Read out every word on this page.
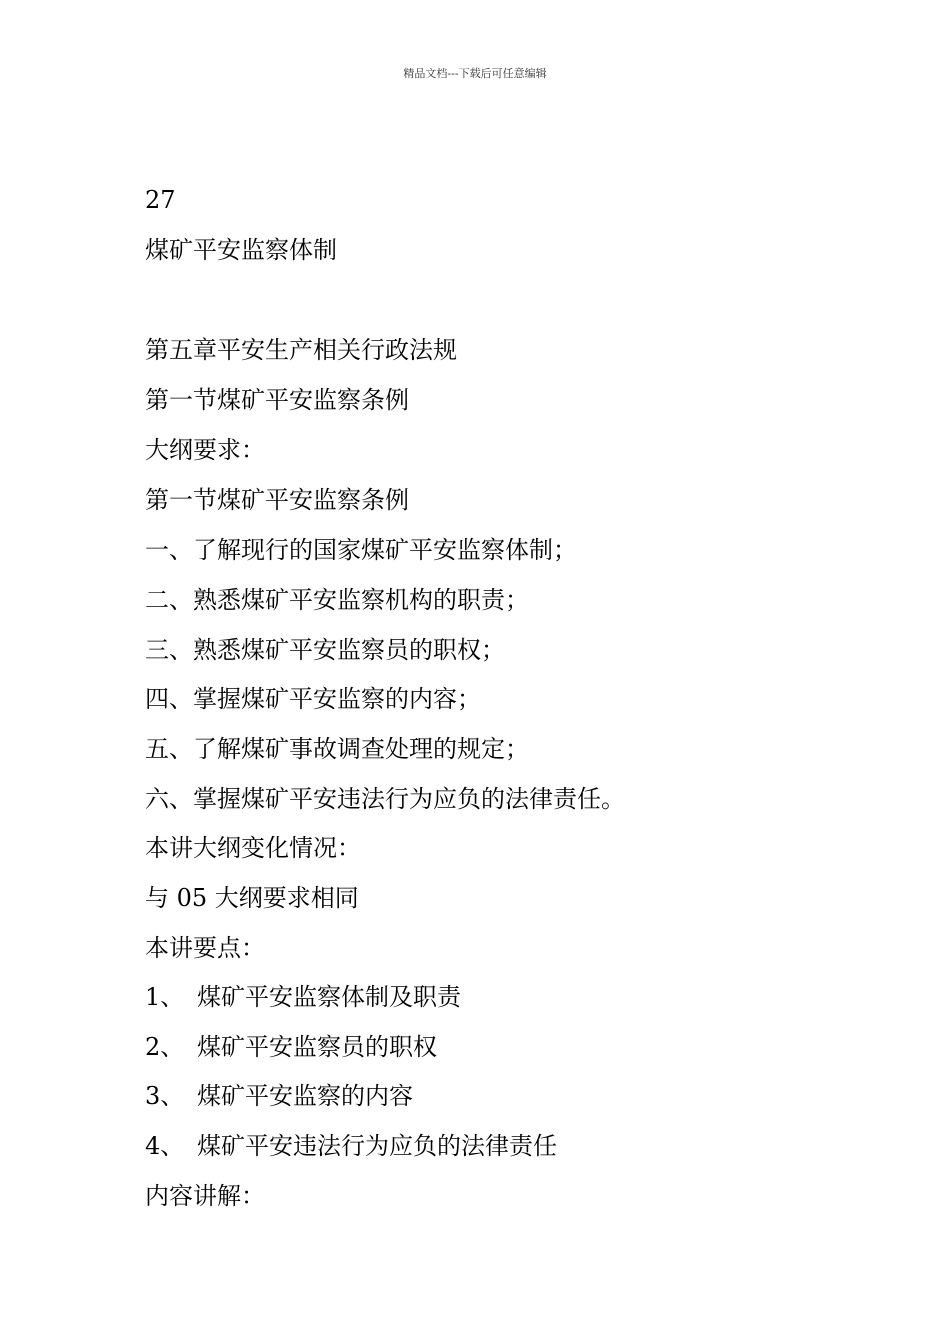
精品文档---下载后可任意编辑
27
煤矿平安监察体制
第五章平安生产相关行政法规
第一节煤矿平安监察条例
大纲要求：
第一节煤矿平安监察条例
一、了解现行的国家煤矿平安监察体制；
二、熟悉煤矿平安监察机构的职责；
三、熟悉煤矿平安监察员的职权；
四、掌握煤矿平安监察的内容；
五、了解煤矿事故调查处理的规定；
六、掌握煤矿平安违法行为应负的法律责任。
本讲大纲变化情况：
与 05 大纲要求相同
本讲要点：
1、 煤矿平安监察体制及职责
2、 煤矿平安监察员的职权
3、 煤矿平安监察的内容
4、 煤矿平安违法行为应负的法律责任
内容讲解：
